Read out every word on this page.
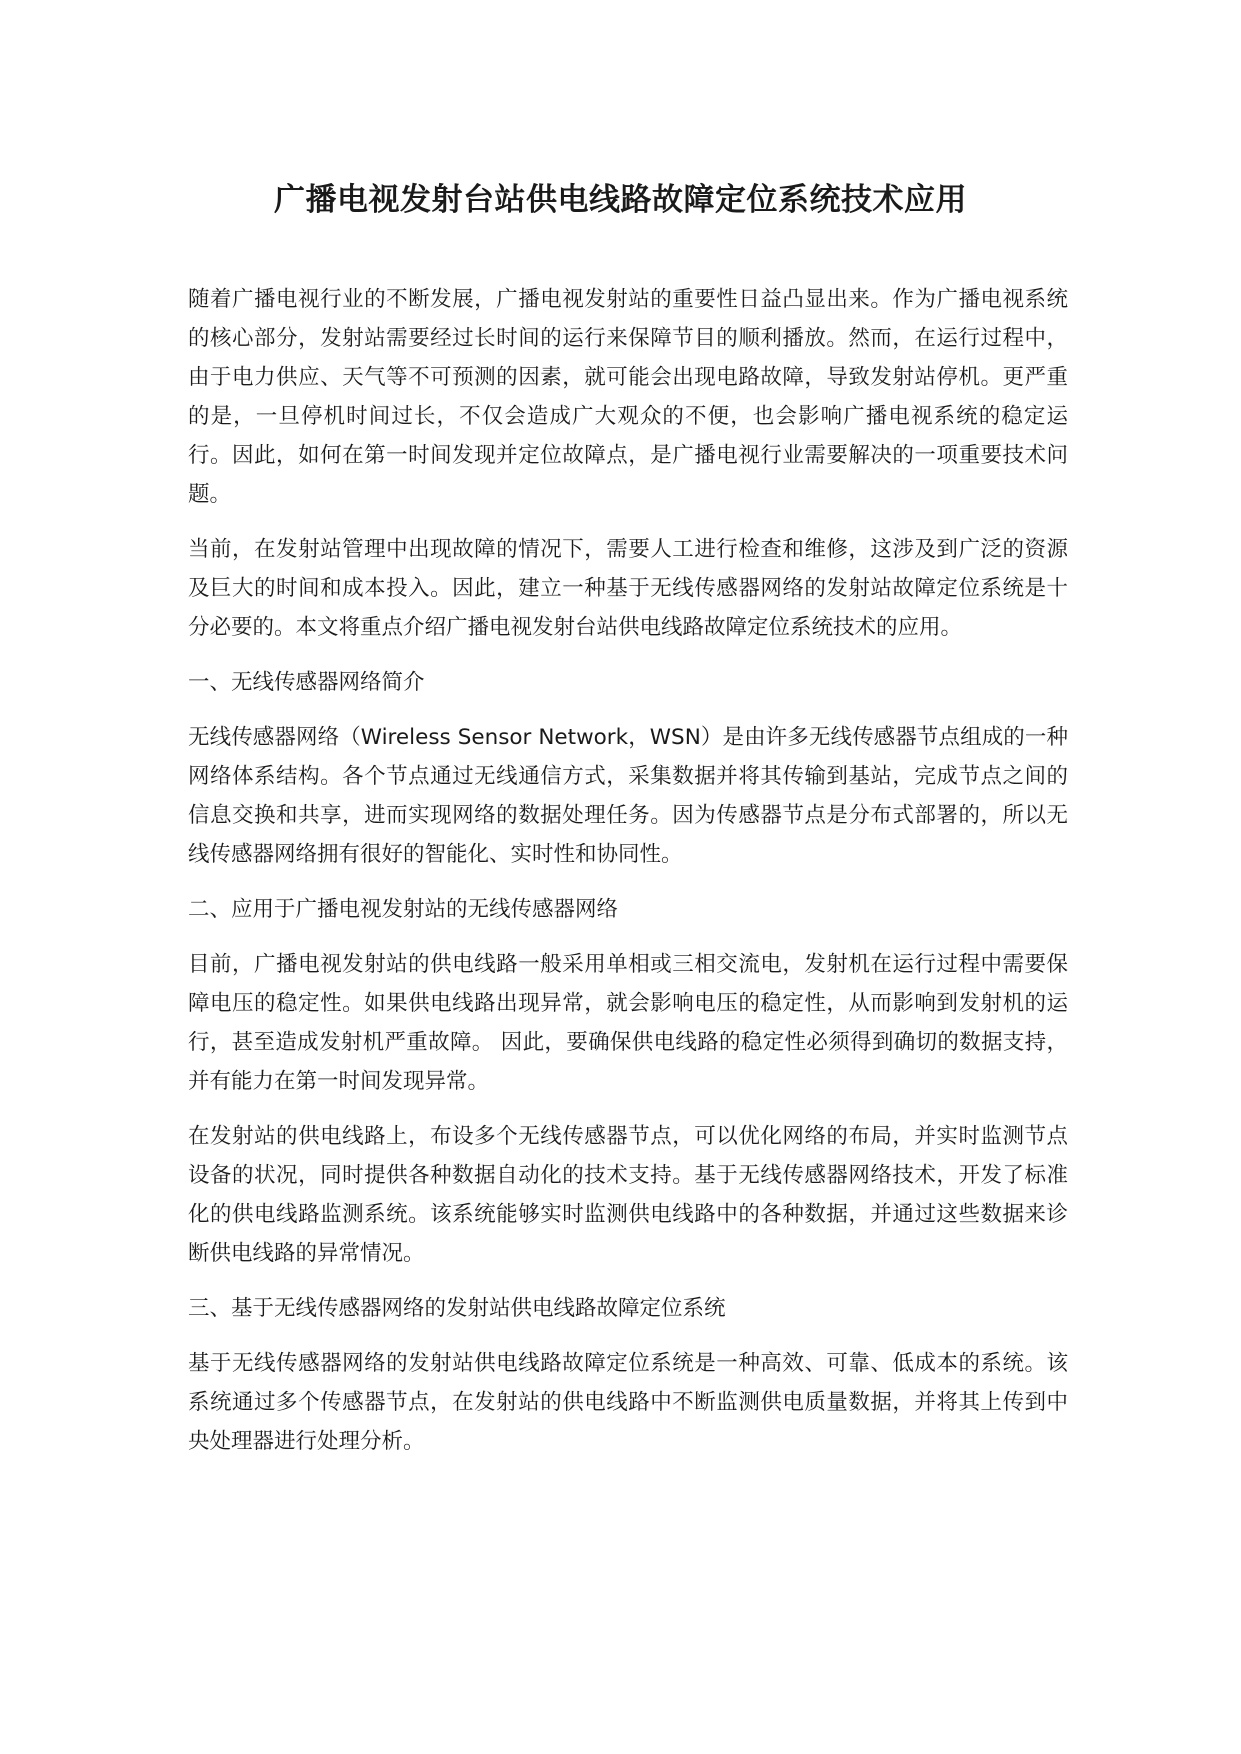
广播电视发射台站供电线路故障定位系统技术应用

随着广播电视行业的不断发展，广播电视发射站的重要性日益凸显出来。作为广播电视系统的核心部分，发射站需要经过长时间的运行来保障节目的顺利播放。然而，在运行过程中，由于电力供应、天气等不可预测的因素，就可能会出现电路故障，导致发射站停机。更严重的是，一旦停机时间过长，不仅会造成广大观众的不便，也会影响广播电视系统的稳定运行。因此，如何在第一时间发现并定位故障点，是广播电视行业需要解决的一项重要技术问题。

当前，在发射站管理中出现故障的情况下，需要人工进行检查和维修，这涉及到广泛的资源及巨大的时间和成本投入。因此，建立一种基于无线传感器网络的发射站故障定位系统是十分必要的。本文将重点介绍广播电视发射台站供电线路故障定位系统技术的应用。

一、无线传感器网络简介

无线传感器网络（Wireless Sensor Network，WSN）是由许多无线传感器节点组成的一种网络体系结构。各个节点通过无线通信方式，采集数据并将其传输到基站，完成节点之间的信息交换和共享，进而实现网络的数据处理任务。因为传感器节点是分布式部署的，所以无线传感器网络拥有很好的智能化、实时性和协同性。

二、应用于广播电视发射站的无线传感器网络

目前，广播电视发射站的供电线路一般采用单相或三相交流电，发射机在运行过程中需要保障电压的稳定性。如果供电线路出现异常，就会影响电压的稳定性，从而影响到发射机的运行，甚至造成发射机严重故障。 因此，要确保供电线路的稳定性必须得到确切的数据支持，并有能力在第一时间发现异常。

在发射站的供电线路上，布设多个无线传感器节点，可以优化网络的布局，并实时监测节点设备的状况，同时提供各种数据自动化的技术支持。基于无线传感器网络技术，开发了标准化的供电线路监测系统。该系统能够实时监测供电线路中的各种数据，并通过这些数据来诊断供电线路的异常情况。

三、基于无线传感器网络的发射站供电线路故障定位系统

基于无线传感器网络的发射站供电线路故障定位系统是一种高效、可靠、低成本的系统。该系统通过多个传感器节点，在发射站的供电线路中不断监测供电质量数据，并将其上传到中央处理器进行处理分析。
